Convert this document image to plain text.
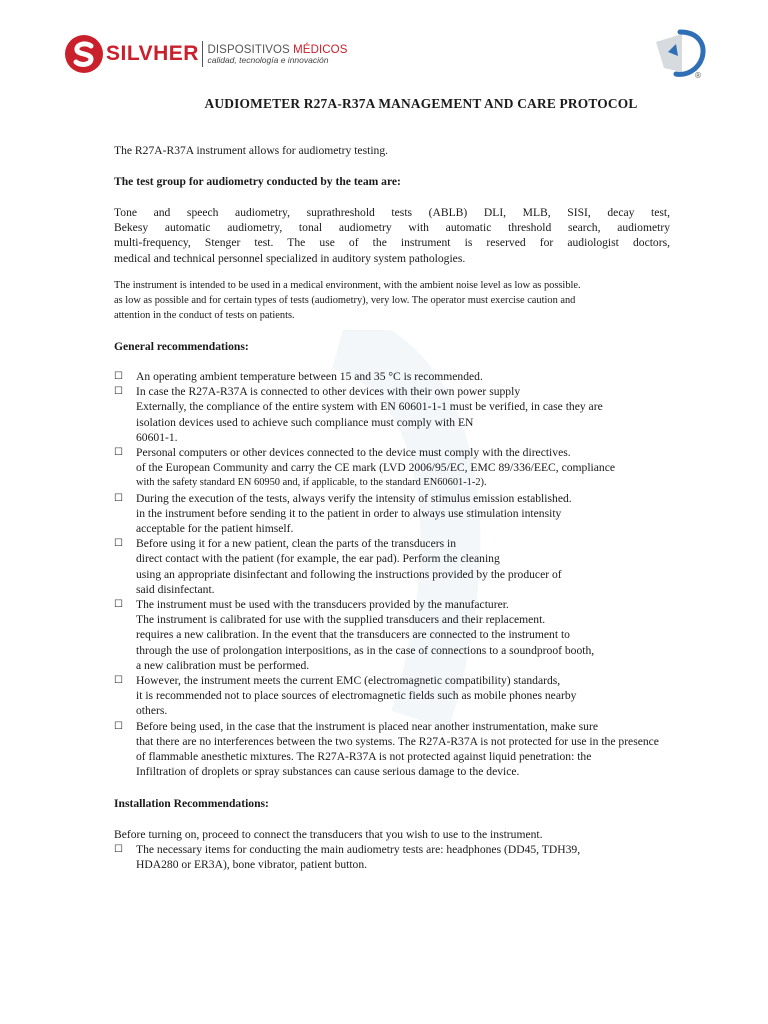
SILVHER DISPOSITIVOS MÉDICOS
calidad, tecnología e innovación
®
AUDIOMETER R27A-R37A MANAGEMENT AND CARE PROTOCOL

The R27A-R37A instrument allows for audiometry testing.

The test group for audiometry conducted by the team are:

Tone and speech audiometry, suprathreshold tests (ABLB) DLI, MLB, SISI, decay test,
Bekesy automatic audiometry, tonal audiometry with automatic threshold search, audiometry
multi-frequency, Stenger test. The use of the instrument is reserved for audiologist doctors,
medical and technical personnel specialized in auditory system pathologies.
The instrument is intended to be used in a medical environment, with the ambient noise level as low as possible.
as low as possible and for certain types of tests (audiometry), very low. The operator must exercise caution and
attention in the conduct of tests on patients.

General recommendations:

☐ An operating ambient temperature between 15 and 35 °C is recommended.
☐ In case the R27A-R37A is connected to other devices with their own power supply
Externally, the compliance of the entire system with EN 60601-1-1 must be verified, in case they are
isolation devices used to achieve such compliance must comply with EN
60601-1.
☐ Personal computers or other devices connected to the device must comply with the directives.
of the European Community and carry the CE mark (LVD 2006/95/EC, EMC 89/336/EEC, compliance
with the safety standard EN 60950 and, if applicable, to the standard EN60601-1-2).
☐ During the execution of the tests, always verify the intensity of stimulus emission established.
in the instrument before sending it to the patient in order to always use stimulation intensity
acceptable for the patient himself.
☐ Before using it for a new patient, clean the parts of the transducers in
direct contact with the patient (for example, the ear pad). Perform the cleaning
using an appropriate disinfectant and following the instructions provided by the producer of
said disinfectant.
☐ The instrument must be used with the transducers provided by the manufacturer.
The instrument is calibrated for use with the supplied transducers and their replacement.
requires a new calibration. In the event that the transducers are connected to the instrument to
through the use of prolongation interpositions, as in the case of connections to a soundproof booth,
a new calibration must be performed.
☐ However, the instrument meets the current EMC (electromagnetic compatibility) standards,
it is recommended not to place sources of electromagnetic fields such as mobile phones nearby
others.
☐ Before being used, in the case that the instrument is placed near another instrumentation, make sure
that there are no interferences between the two systems. The R27A-R37A is not protected for use in the presence
of flammable anesthetic mixtures. The R27A-R37A is not protected against liquid penetration: the
Infiltration of droplets or spray substances can cause serious damage to the device.

Installation Recommendations:

Before turning on, proceed to connect the transducers that you wish to use to the instrument.

☐ The necessary items for conducting the main audiometry tests are: headphones (DD45, TDH39,
HDA280 or ER3A), bone vibrator, patient button.
